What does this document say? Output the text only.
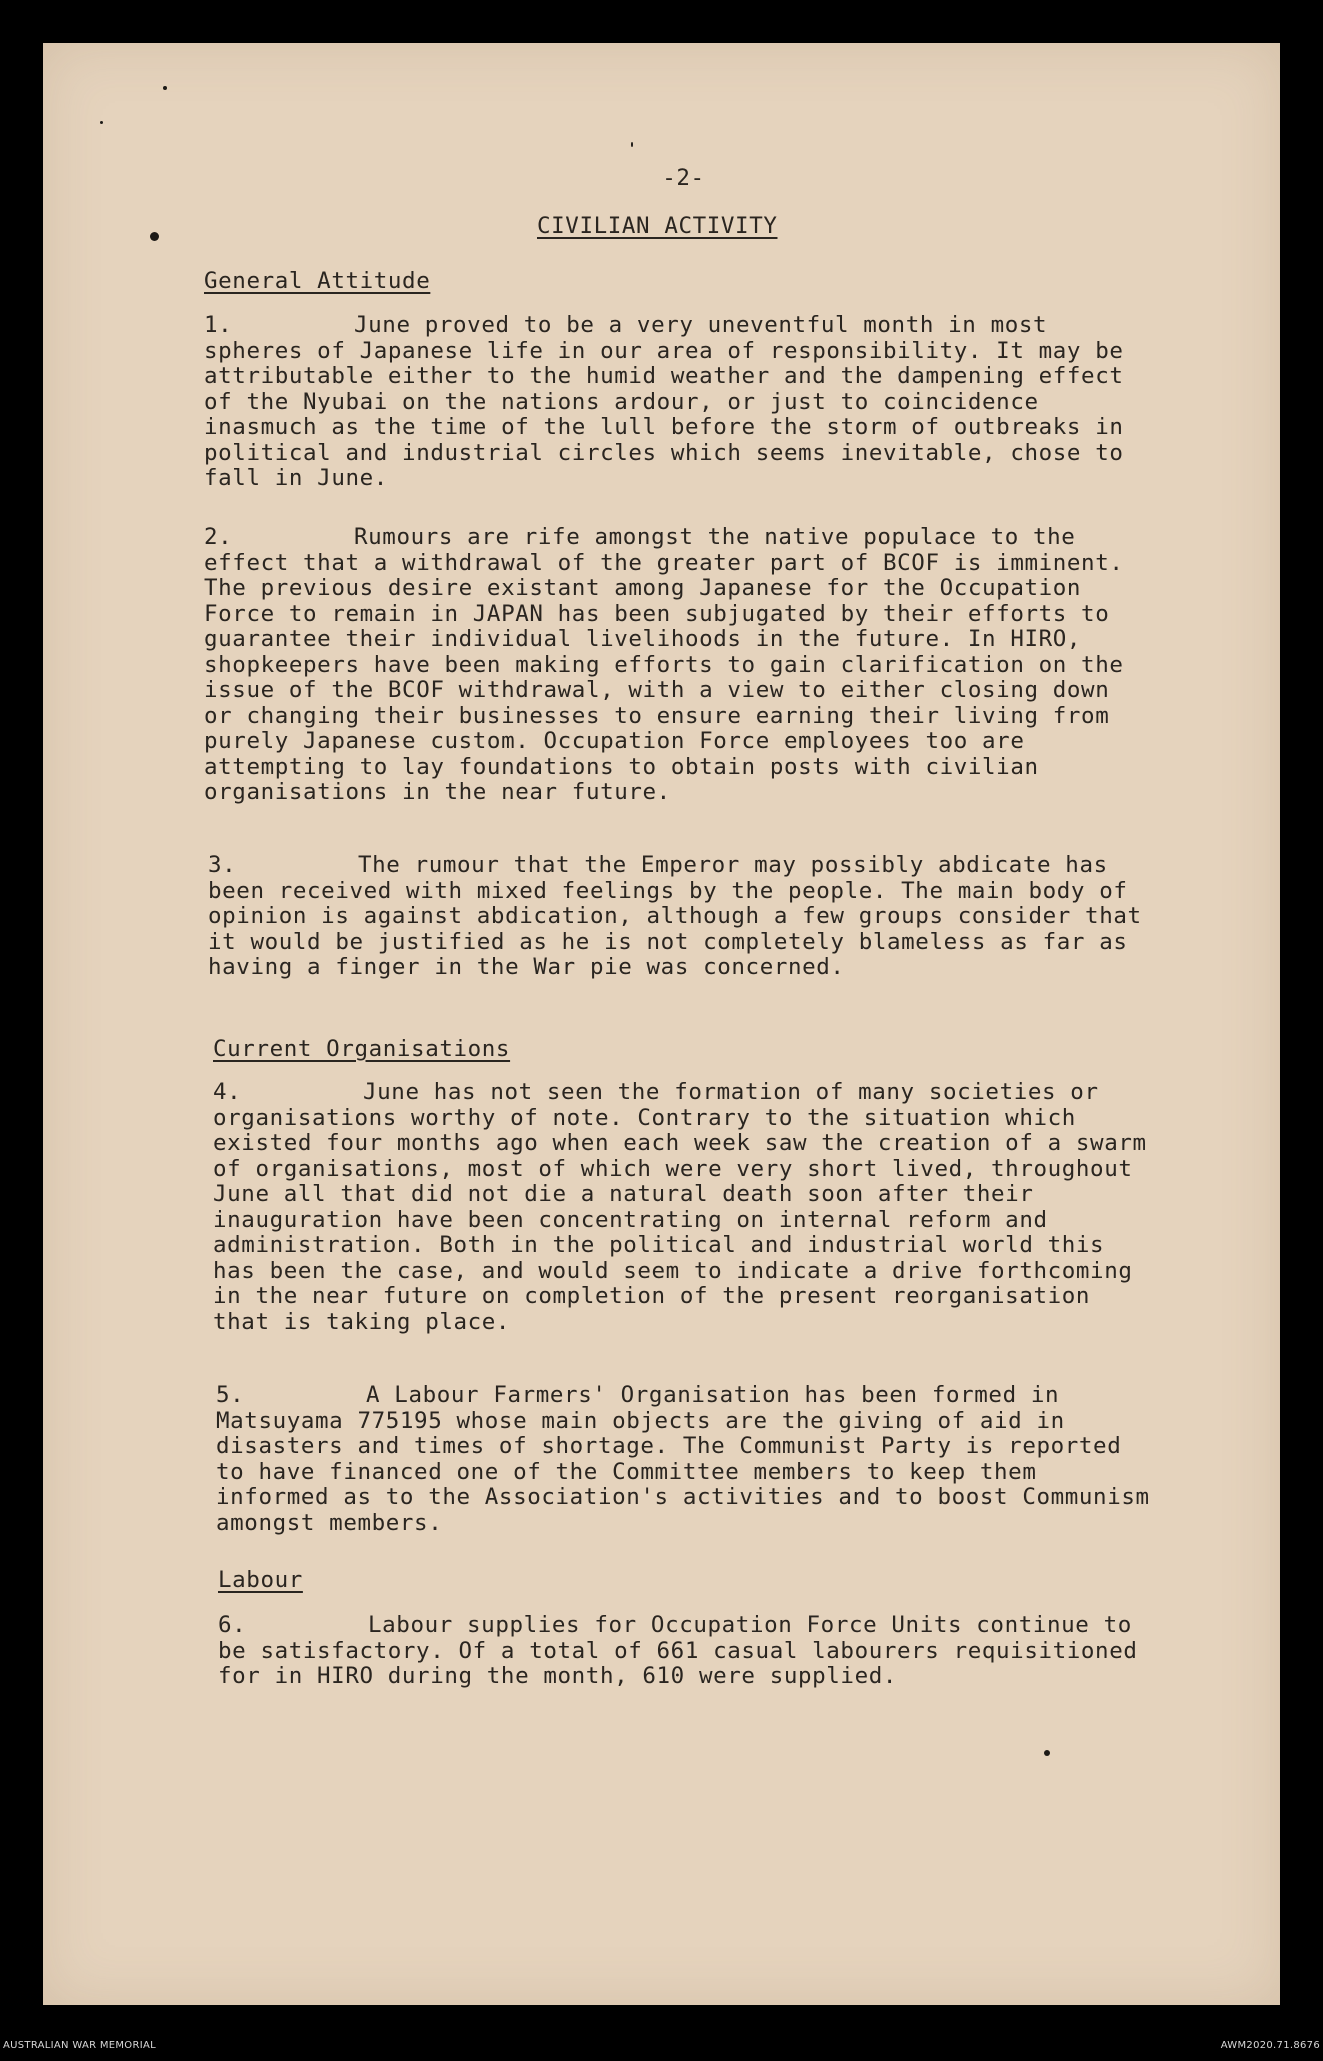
-2-
CIVILIAN ACTIVITY
General Attitude

1.	June proved to be a very uneventful month in most spheres of Japanese life in our area of responsibility. It may be attributable either to the humid weather and the dampening effect of the Nyubai on the nations ardour, or just to coincidence inasmuch as the time of the lull before the storm of outbreaks in political and industrial circles which seems inevitable, chose to fall in June.

2.	Rumours are rife amongst the native populace to the effect that a withdrawal of the greater part of BCOF is imminent. The previous desire existant among Japanese for the Occupation Force to remain in JAPAN has been subjugated by their efforts to guarantee their individual livelihoods in the future. In HIRO, shopkeepers have been making efforts to gain clarification on the issue of the BCOF withdrawal, with a view to either closing down or changing their businesses to ensure earning their living from purely Japanese custom. Occupation Force employees too are attempting to lay foundations to obtain posts with civilian organisations in the near future.

3.	The rumour that the Emperor may possibly abdicate has been received with mixed feelings by the people. The main body of opinion is against abdication, although a few groups consider that it would be justified as he is not completely blameless as far as having a finger in the War pie was concerned.

Current Organisations

4.	June has not seen the formation of many societies or organisations worthy of note. Contrary to the situation which existed four months ago when each week saw the creation of a swarm of organisations, most of which were very short lived, throughout June all that did not die a natural death soon after their inauguration have been concentrating on internal reform and administration. Both in the political and industrial world this has been the case, and would seem to indicate a drive forthcoming in the near future on completion of the present reorganisation that is taking place.

5.	A Labour Farmers' Organisation has been formed in Matsuyama 775195 whose main objects are the giving of aid in disasters and times of shortage. The Communist Party is reported to have financed one of the Committee members to keep them informed as to the Association's activities and to boost Communism amongst members.

Labour

6.	Labour supplies for Occupation Force Units continue to be satisfactory. Of a total of 661 casual labourers requisitioned for in HIRO during the month, 610 were supplied.

AUSTRALIAN WAR MEMORIAL	AWM2020.71.8676
